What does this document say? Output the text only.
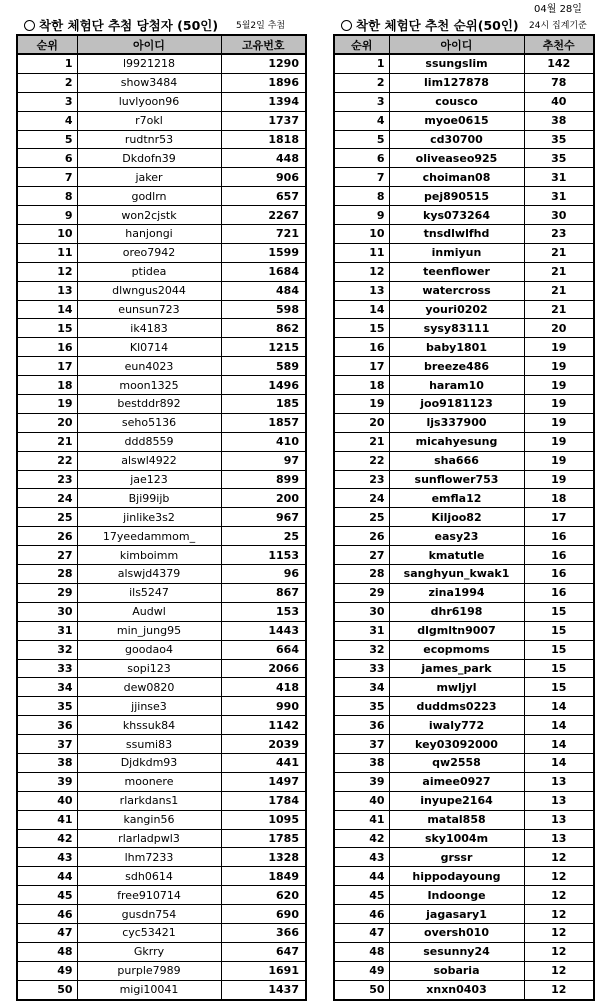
착한 체험단 추첨 당첨자 (50인) 5월2일 추첨	착한 체험단 추천 순위(50인)
04월 28일
24시 집계기준
순위	아이디	고유번호
1	l9921218	1290
2	show3484	1896
3	luvlyoon96	1394
4	r7okl	1737
5	rudtnr53	1818
6	Dkdofn39	448
7	jaker	906
8	godlrn	657
9	won2cjstk	2267
10	hanjongi	721
11	oreo7942	1599
12	ptidea	1684
13	dlwngus2044	484
14	eunsun723	598
15	ik4183	862
16	Kl0714	1215
17	eun4023	589
18	moon1325	1496
19	bestddr892	185
20	seho5136	1857
21	ddd8559	410
22	alswl4922	97
23	jae123	899
24	Bji99ijb	200
25	jinlike3s2	967
26	17yeedammom_	25
27	kimboimm	1153
28	alswjd4379	96
29	ils5247	867
30	Audwl	153
31	min_jung95	1443
32	goodao4	664
33	sopi123	2066
34	dew0820	418
35	jjinse3	990
36	khssuk84	1142
37	ssumi83	2039
38	Djdkdm93	441
39	moonere	1497
40	rlarkdans1	1784
41	kangin56	1095
42	rlarladpwl3	1785
43	lhm7233	1328
44	sdh0614	1849
45	free910714	620
46	gusdn754	690
47	cyc53421	366
48	Gkrry	647
49	purple7989	1691
50	migi10041	1437
순위	아이디	추천수
1	ssungslim	142
2	lim127878	78
3	cousco	40
4	myoe0615	38
5	cd30700	35
6	oliveaseo925	35
7	choiman08	31
8	pej890515	31
9	kys073264	30
10	tnsdlwlfhd	23
11	inmiyun	21
12	teenflower	21
13	watercross	21
14	youri0202	21
15	sysy83111	20
16	baby1801	19
17	breeze486	19
18	haram10	19
19	joo9181123	19
20	ljs337900	19
21	micahyesung	19
22	sha666	19
23	sunflower753	19
24	emfla12	18
25	Kiljoo82	17
26	easy23	16
27	kmatutle	16
28	sanghyun_kwak1	16
29	zina1994	16
30	dhr6198	15
31	dlgmltn9007	15
32	ecopmoms	15
33	james_park	15
34	mwljyl	15
35	duddms0223	14
36	iwaly772	14
37	key03092000	14
38	qw2558	14
39	aimee0927	13
40	inyupe2164	13
41	matal858	13
42	sky1004m	13
43	grssr	12
44	hippodayoung	12
45	Indoonge	12
46	jagasary1	12
47	oversh010	12
48	sesunny24	12
49	sobaria	12
50	xnxn0403	12
